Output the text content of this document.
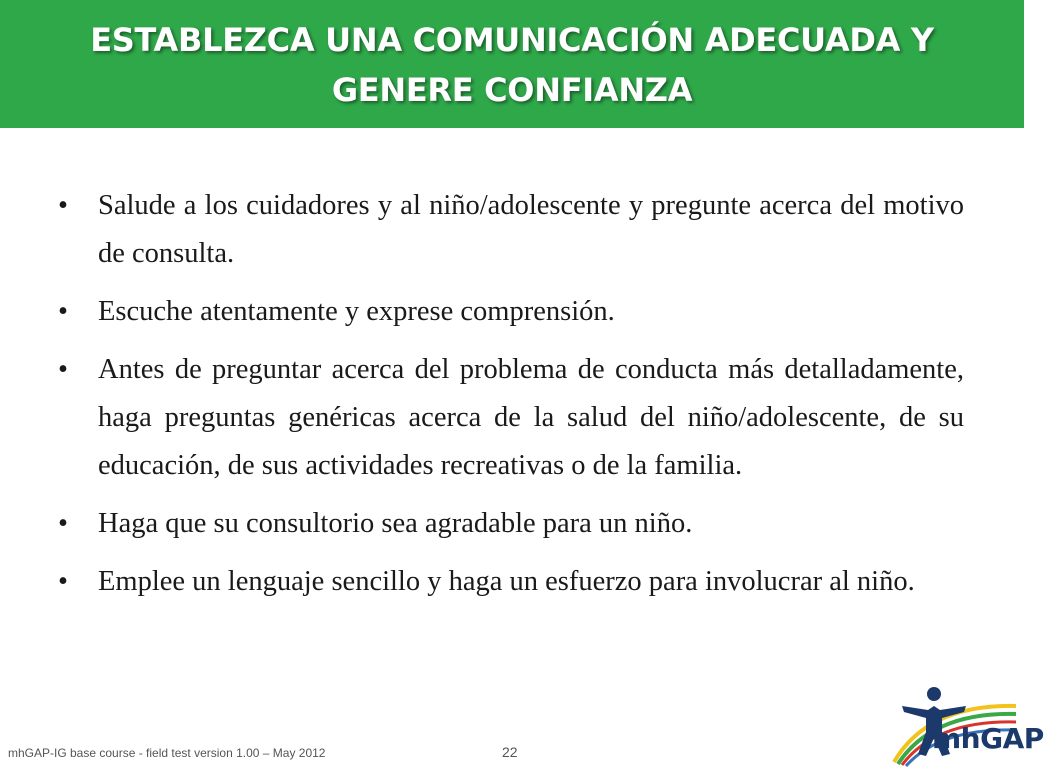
ESTABLEZCA UNA COMUNICACIÓN ADECUADA Y
GENERE CONFIANZA
• Salude a los cuidadores y al niño/adolescente y pregunte acerca del motivo de consulta.
• Escuche atentamente y exprese comprensión.
• Antes de preguntar acerca del problema de conducta más detalladamente, haga preguntas genéricas acerca de la salud del niño/adolescente, de su educación, de sus actividades recreativas o de la familia.
• Haga que su consultorio sea agradable para un niño.
• Emplee un lenguaje sencillo y haga un esfuerzo para involucrar al niño.
mhGAP-IG base course - field test version 1.00 – May 2012	22	mhGAP
